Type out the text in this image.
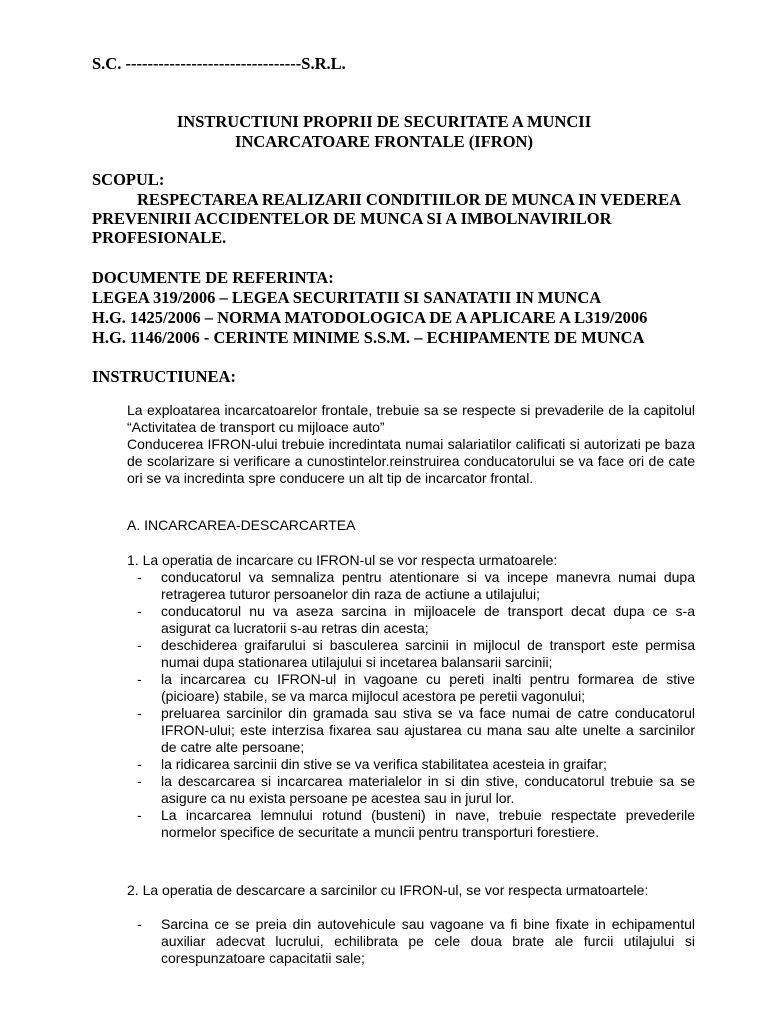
S.C. --------------------------------S.R.L.
INSTRUCTIUNI PROPRII DE SECURITATE A MUNCII
INCARCATOARE FRONTALE (IFRON)
SCOPUL:
RESPECTAREA REALIZARII CONDITIILOR DE MUNCA IN VEDEREA PREVENIRII ACCIDENTELOR DE MUNCA SI A IMBOLNAVIRILOR PROFESIONALE.
DOCUMENTE DE REFERINTA:
LEGEA 319/2006 – LEGEA SECURITATII SI SANATATII IN MUNCA
H.G. 1425/2006 – NORMA MATODOLOGICA DE A APLICARE A L319/2006
H.G. 1146/2006 - CERINTE MINIME S.S.M. – ECHIPAMENTE DE MUNCA
INSTRUCTIUNEA:
La exploatarea incarcatoarelor frontale, trebuie sa se respecte si prevaderile de la capitolul “Activitatea de transport cu mijloace auto”
Conducerea IFRON-ului trebuie incredintata numai salariatilor calificati si autorizati pe baza de scolarizare si verificare a cunostintelor.reinstruirea conducatorului se va face ori de cate ori se va incredinta spre conducere un alt tip de incarcator frontal.
A. INCARCAREA-DESCARCARTEA
1. La operatia de incarcare cu IFRON-ul se vor respecta urmatoarele:
- conducatorul va semnaliza pentru atentionare si va incepe manevra numai dupa retragerea tuturor persoanelor din raza de actiune a utilajului;
- conducatorul nu va aseza sarcina in mijloacele de transport decat dupa ce s-a asigurat ca lucratorii s-au retras din acesta;
- deschiderea graifarului si basculerea sarcinii in mijlocul de transport este permisa numai dupa stationarea utilajului si incetarea balansarii sarcinii;
- la incarcarea cu IFRON-ul in vagoane cu pereti inalti pentru formarea de stive (picioare) stabile, se va marca mijlocul acestora pe peretii vagonului;
- preluarea sarcinilor din gramada sau stiva se va face numai de catre conducatorul IFRON-ului; este interzisa fixarea sau ajustarea cu mana sau alte unelte a sarcinilor de catre alte persoane;
- la ridicarea sarcinii din stive se va verifica stabilitatea acesteia in graifar;
- la descarcarea si incarcarea materialelor in si din stive, conducatorul trebuie sa se asigure ca nu exista persoane pe acestea sau in jurul lor.
- La incarcarea lemnului rotund (busteni) in nave, trebuie respectate prevederile normelor specifice de securitate a muncii pentru transporturi forestiere.
2. La operatia de descarcare a sarcinilor cu IFRON-ul, se vor respecta urmatoartele:
- Sarcina ce se preia din autovehicule sau vagoane va fi bine fixate in echipamentul auxiliar adecvat lucrului, echilibrata pe cele doua brate ale furcii utilajului si corespunzatoare capacitatii sale;
